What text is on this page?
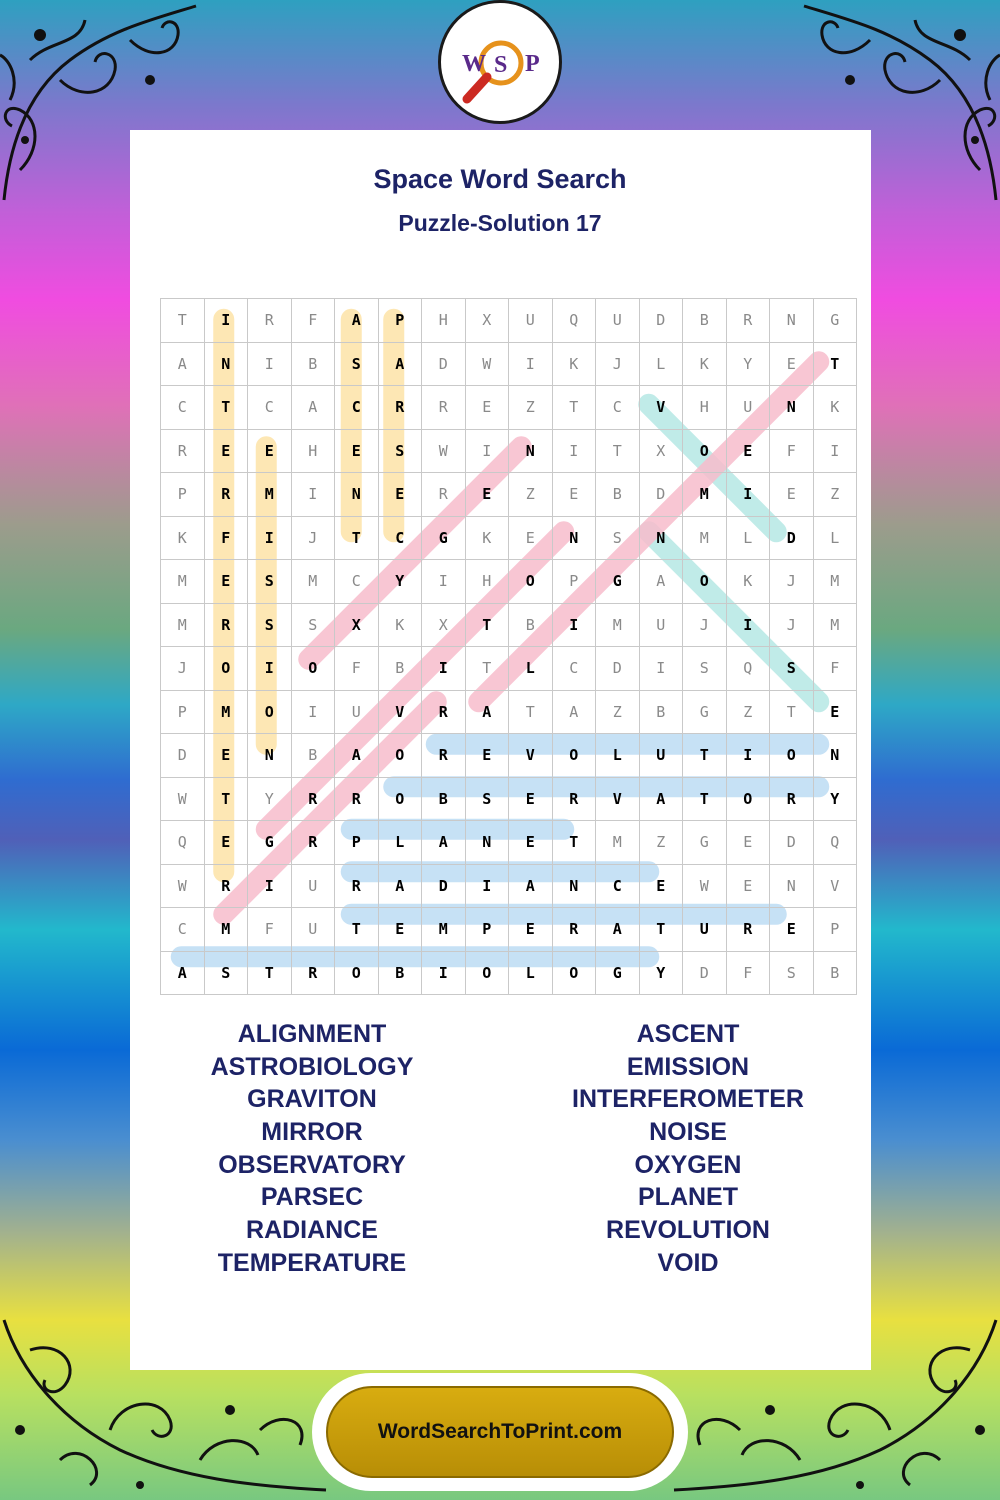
W S P
Space Word Search
Puzzle-Solution 17
T	I	R	F	A	P	H	X	U	Q	U	D	B	R	N	G
A	N	I	B	S	A	D	W	I	K	J	L	K	Y	E	T
C	T	C	A	C	R	R	E	Z	T	C	V	H	U	N	K
R	E	E	H	E	S	W	I	N	I	T	X	O	E	F	I
P	R	M	I	N	E	R	E	Z	E	B	D	M	I	E	Z
K	F	I	J	T	C	G	K	E	N	S	N	M	L	D	L
M	E	S	M	C	Y	I	H	O	P	G	A	O	K	J	M
M	R	S	S	X	K	X	T	B	I	M	U	J	I	J	M
J	O	I	O	F	B	I	T	L	C	D	I	S	Q	S	F
P	M	O	I	U	V	R	A	T	A	Z	B	G	Z	T	E
D	E	N	B	A	O	R	E	V	O	L	U	T	I	O	N
W	T	Y	R	R	O	B	S	E	R	V	A	T	O	R	Y
Q	E	G	R	P	L	A	N	E	T	M	Z	G	E	D	Q
W	R	I	U	R	A	D	I	A	N	C	E	W	E	N	V
C	M	F	U	T	E	M	P	E	R	A	T	U	R	E	P
A	S	T	R	O	B	I	O	L	O	G	Y	D	F	S	B
ALIGNMENT
ASTROBIOLOGY
GRAVITON
MIRROR
OBSERVATORY
PARSEC
RADIANCE
TEMPERATURE
ASCENT
EMISSION
INTERFEROMETER
NOISE
OXYGEN
PLANET
REVOLUTION
VOID
WordSearchToPrint.com
